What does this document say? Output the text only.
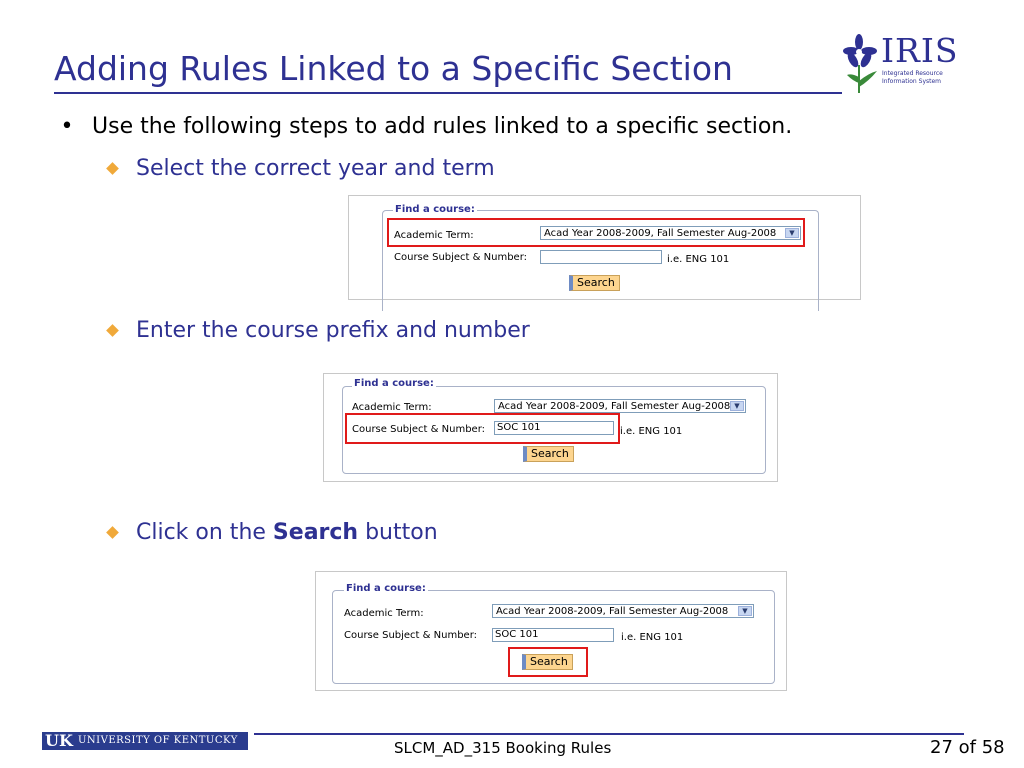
Adding Rules Linked to a Specific Section	IRIS
Integrated Resource
Information System
• Use the following steps to add rules linked to a specific section.
Select the correct year and term
Find a course:
Academic Term:	Acad Year 2008-2009, Fall Semester Aug-2008	▼
Course Subject & Number:	i.e. ENG 101
Search
Enter the course prefix and number
Find a course:
Academic Term:	Acad Year 2008-2009, Fall Semester Aug-2008 ▼
Course Subject & Number:	SOC 101	i.e. ENG 101
Search
Click on the Search button
Find a course:
Academic Term:	Acad Year 2008-2009, Fall Semester Aug-2008	▼
Course Subject & Number:	SOC 101	i.e. ENG 101
Search
UK UNIVERSITY OF KENTUCKY	SLCM_AD_315 Booking Rules	27 of 58
